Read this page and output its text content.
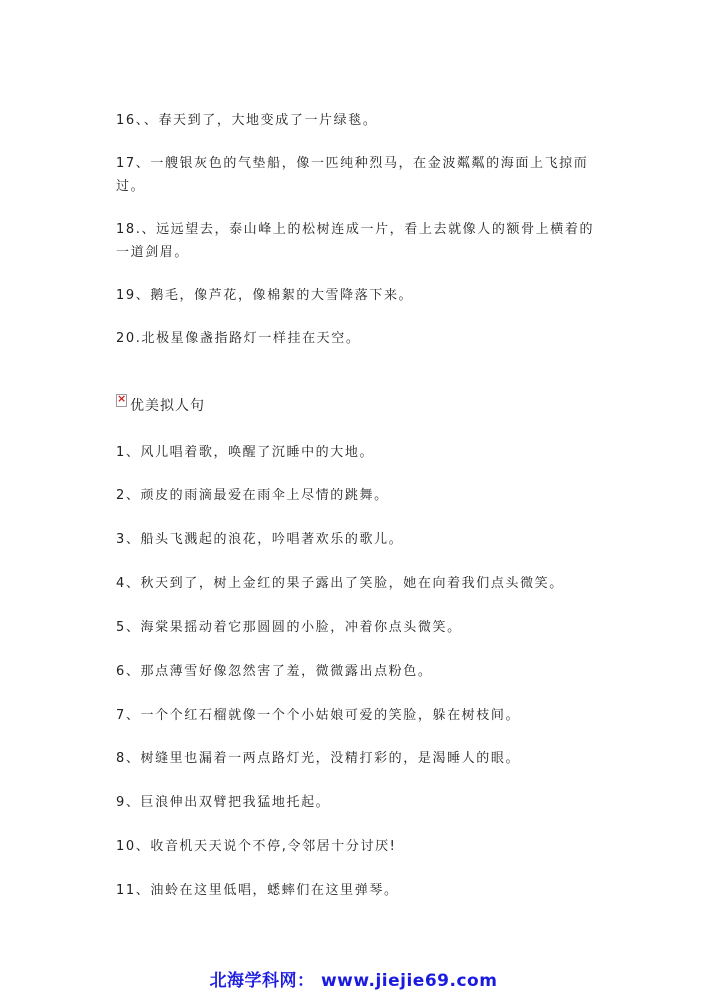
16、、春天到了，大地变成了一片绿毯。
17、一艘银灰色的气垫船，像一匹纯种烈马，在金波粼粼的海面上飞掠而
过。
18.、远远望去，泰山峰上的松树连成一片，看上去就像人的额骨上横着的
一道剑眉。
19、鹅毛，像芦花，像棉絮的大雪降落下来。
20.北极星像盏指路灯一样挂在天空。
×
优美拟人句
1、风儿唱着歌，唤醒了沉睡中的大地。
2、顽皮的雨滴最爱在雨伞上尽情的跳舞。
3、船头飞溅起的浪花，吟唱著欢乐的歌儿。
4、秋天到了，树上金红的果子露出了笑脸，她在向着我们点头微笑。
5、海棠果摇动着它那圆圆的小脸，冲着你点头微笑。
6、那点薄雪好像忽然害了羞，微微露出点粉色。
7、一个个红石榴就像一个个小姑娘可爱的笑脸，躲在树枝间。
8、树缝里也漏着一两点路灯光，没精打彩的，是渴睡人的眼。
9、巨浪伸出双臂把我猛地托起。
10、收音机天天说个不停,令邻居十分讨厌!
11、油蛉在这里低唱，蟋蟀们在这里弹琴。
北海学科网： www.jiejie69.com
